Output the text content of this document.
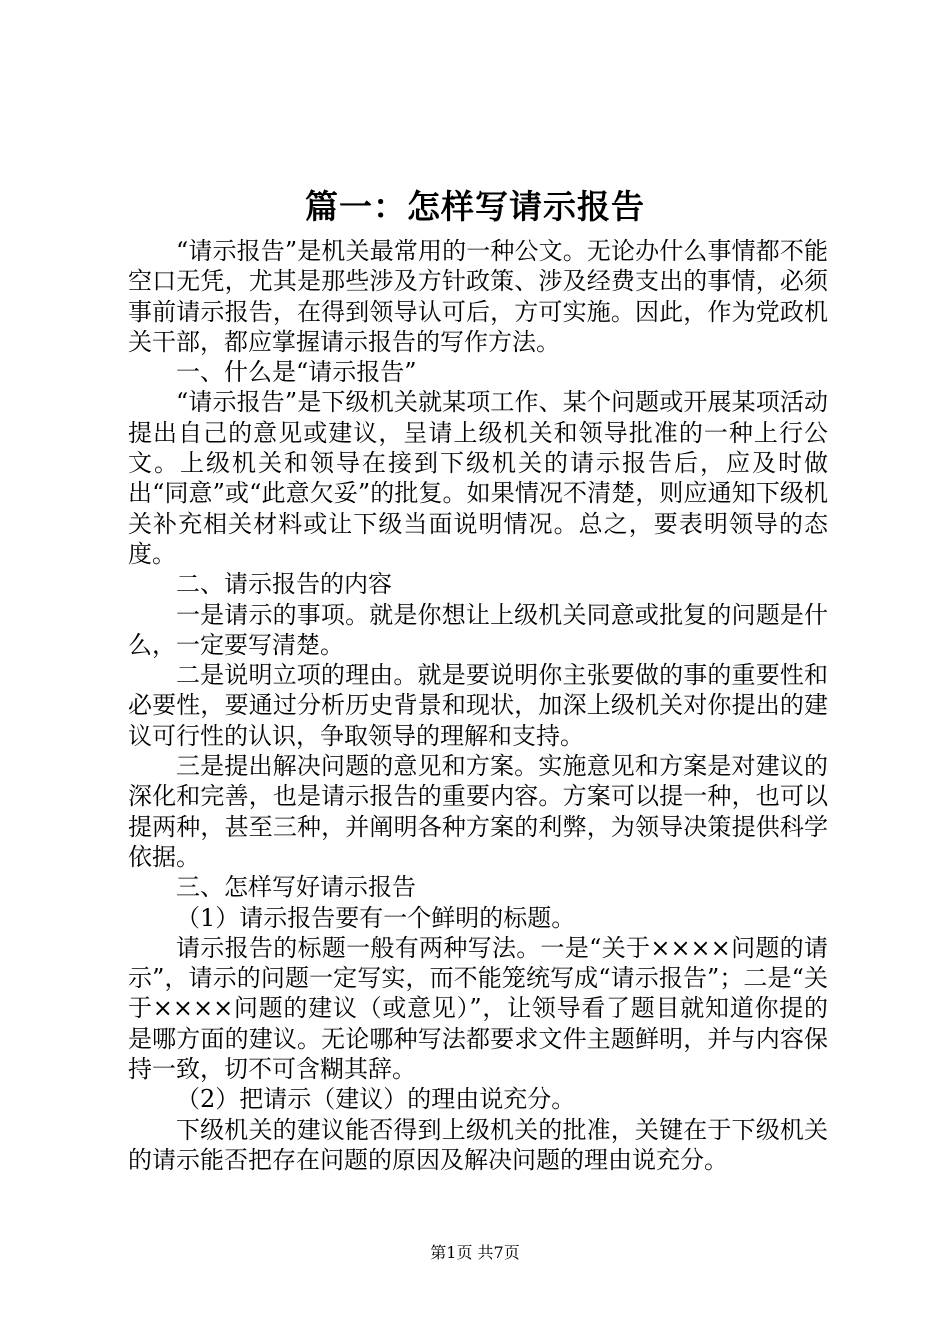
篇一：怎样写请示报告

“请示报告”是机关最常用的一种公文。无论办什么事情都不能空口无凭，尤其是那些涉及方针政策、涉及经费支出的事情，必须事前请示报告，在得到领导认可后，方可实施。因此，作为党政机关干部，都应掌握请示报告的写作方法。

一、什么是“请示报告”

“请示报告”是下级机关就某项工作、某个问题或开展某项活动提出自己的意见或建议，呈请上级机关和领导批准的一种上行公文。上级机关和领导在接到下级机关的请示报告后，应及时做出“同意”或“此意欠妥”的批复。如果情况不清楚，则应通知下级机关补充相关材料或让下级当面说明情况。总之，要表明领导的态度。

二、请示报告的内容

一是请示的事项。就是你想让上级机关同意或批复的问题是什么，一定要写清楚。

二是说明立项的理由。就是要说明你主张要做的事的重要性和必要性，要通过分析历史背景和现状，加深上级机关对你提出的建议可行性的认识，争取领导的理解和支持。

三是提出解决问题的意见和方案。实施意见和方案是对建议的深化和完善，也是请示报告的重要内容。方案可以提一种，也可以提两种，甚至三种，并阐明各种方案的利弊，为领导决策提供科学依据。

三、怎样写好请示报告

（1）请示报告要有一个鲜明的标题。

请示报告的标题一般有两种写法。一是“关于××××问题的请示”，请示的问题一定写实，而不能笼统写成“请示报告”；二是“关于××××问题的建议（或意见）”，让领导看了题目就知道你提的是哪方面的建议。无论哪种写法都要求文件主题鲜明，并与内容保持一致，切不可含糊其辞。

（2）把请示（建议）的理由说充分。

下级机关的建议能否得到上级机关的批准，关键在于下级机关的请示能否把存在问题的原因及解决问题的理由说充分。

第1页 共7页
